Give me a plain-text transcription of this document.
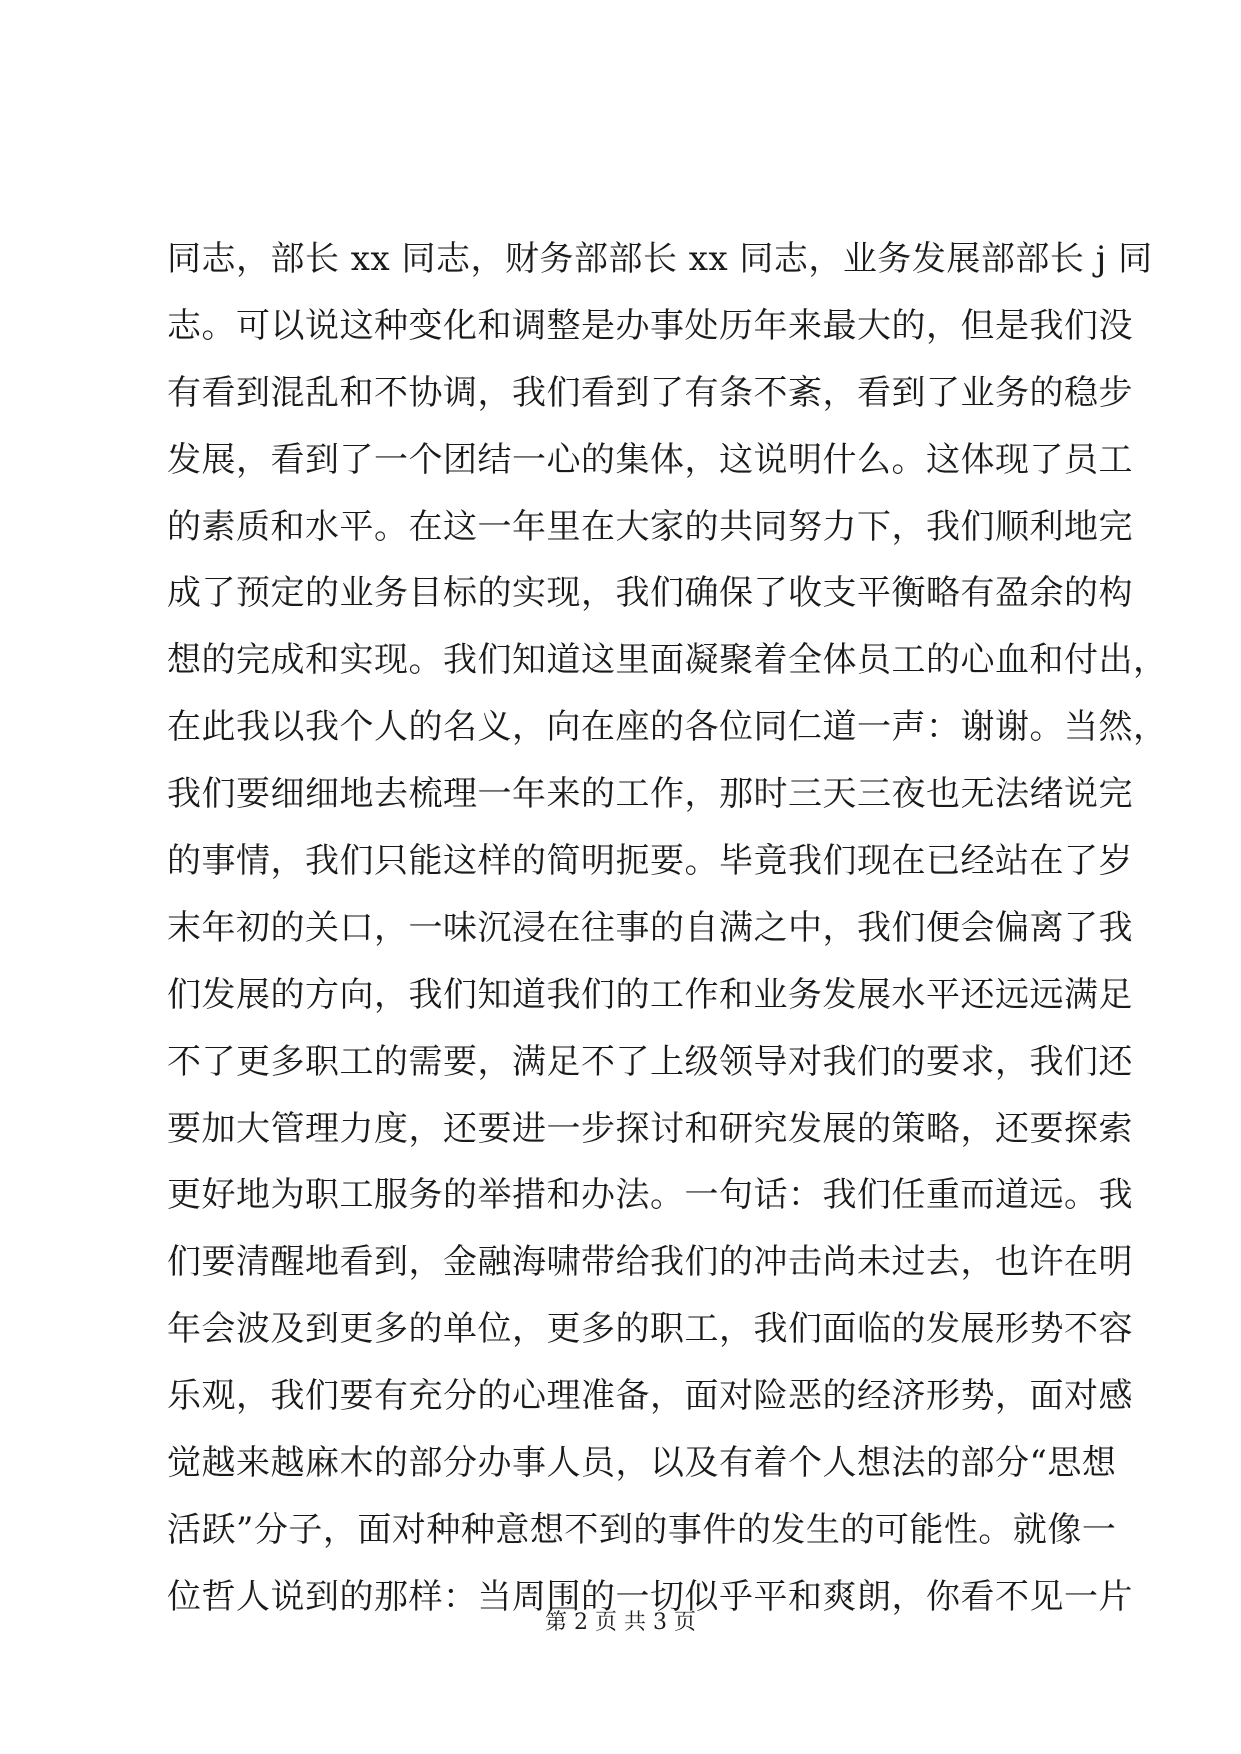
同志，部长 xx 同志，财务部部长 xx 同志，业务发展部部长 j 同
志。可以说这种变化和调整是办事处历年来最大的，但是我们没
有看到混乱和不协调，我们看到了有条不紊，看到了业务的稳步
发展，看到了一个团结一心的集体，这说明什么。这体现了员工
的素质和水平。在这一年里在大家的共同努力下，我们顺利地完
成了预定的业务目标的实现，我们确保了收支平衡略有盈余的构
想的完成和实现。我们知道这里面凝聚着全体员工的心血和付出，
在此我以我个人的名义，向在座的各位同仁道一声：谢谢。当然，
我们要细细地去梳理一年来的工作，那时三天三夜也无法绪说完
的事情，我们只能这样的简明扼要。毕竟我们现在已经站在了岁
末年初的关口，一味沉浸在往事的自满之中，我们便会偏离了我
们发展的方向，我们知道我们的工作和业务发展水平还远远满足
不了更多职工的需要，满足不了上级领导对我们的要求，我们还
要加大管理力度，还要进一步探讨和研究发展的策略，还要探索
更好地为职工服务的举措和办法。一句话：我们任重而道远。我
们要清醒地看到，金融海啸带给我们的冲击尚未过去，也许在明
年会波及到更多的单位，更多的职工，我们面临的发展形势不容
乐观，我们要有充分的心理准备，面对险恶的经济形势，面对感
觉越来越麻木的部分办事人员，以及有着个人想法的部分“思想
活跃”分子，面对种种意想不到的事件的发生的可能性。就像一
位哲人说到的那样：当周围的一切似乎平和爽朗，你看不见一片
第 2 页 共 3 页
